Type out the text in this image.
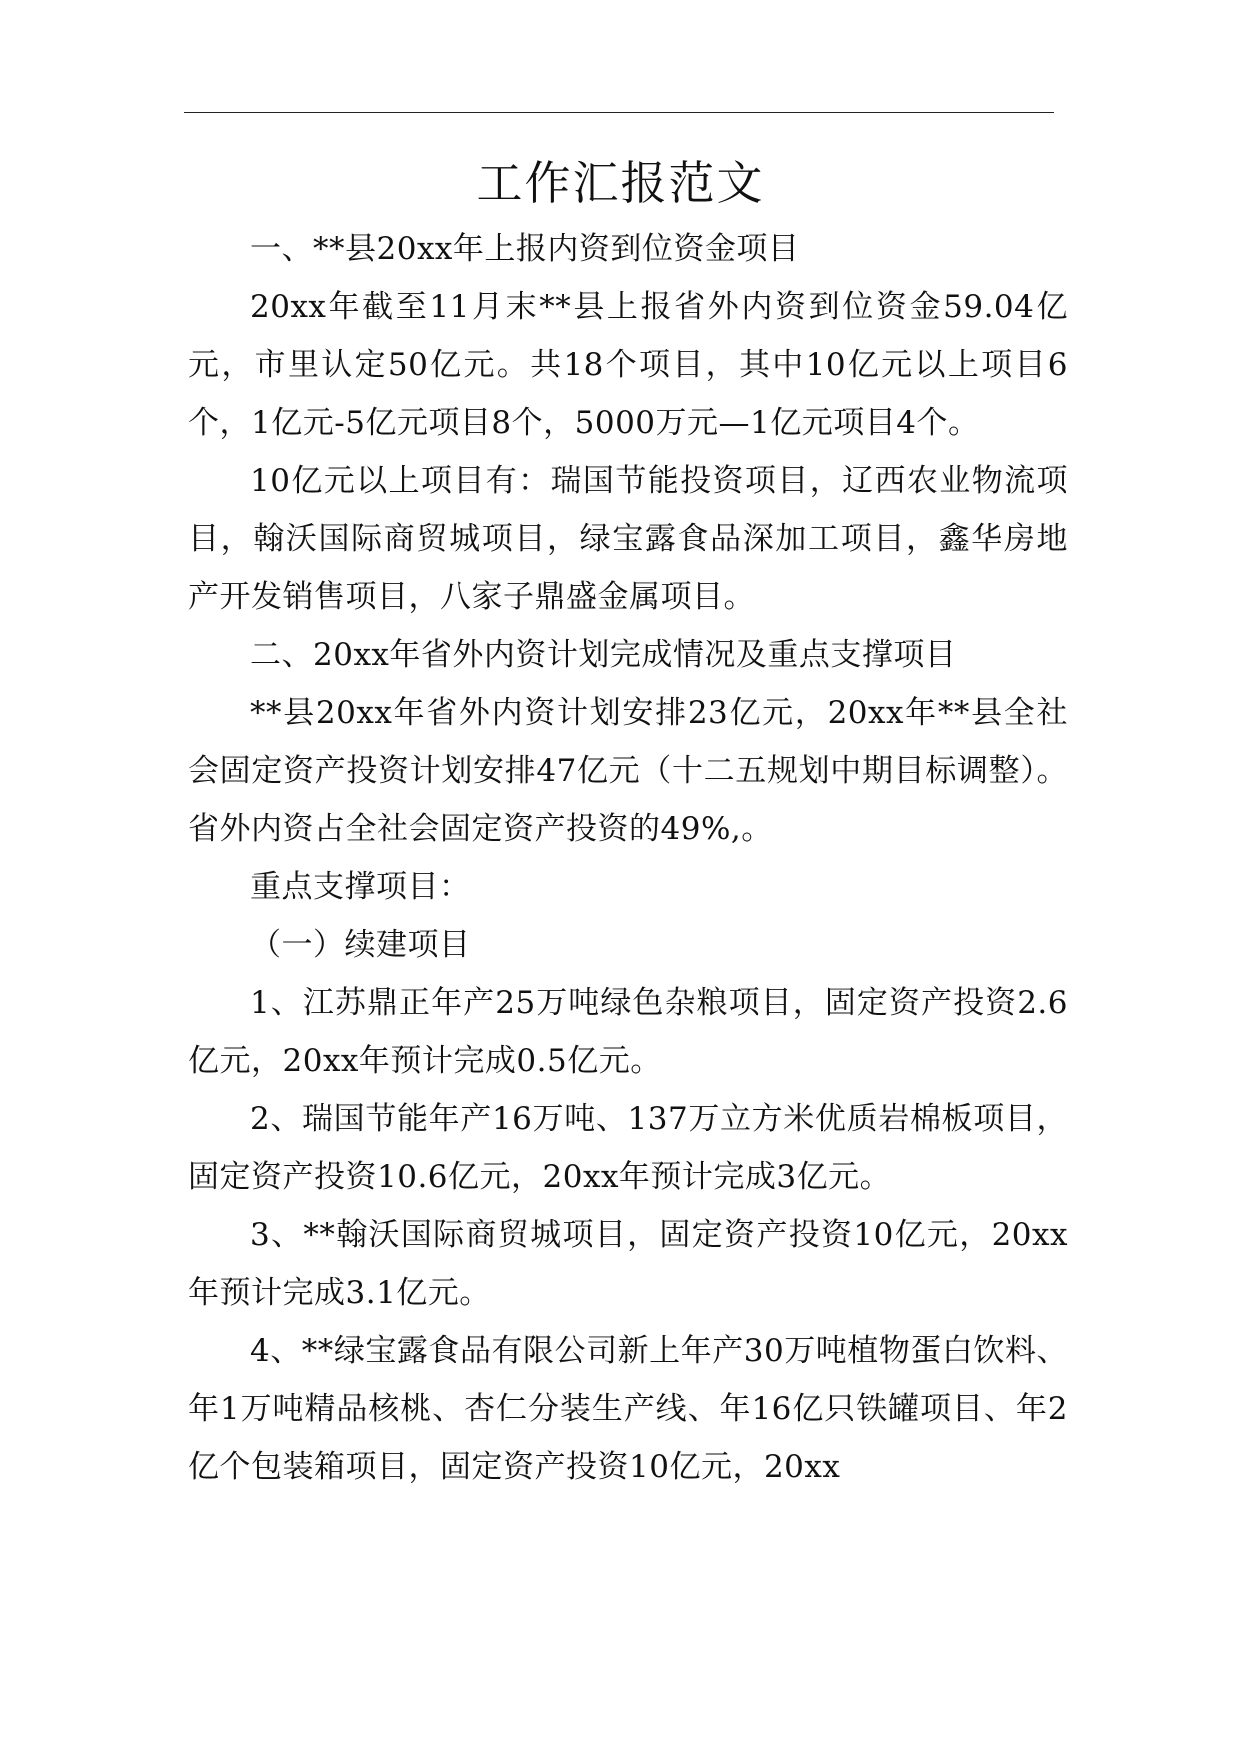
工作汇报范文

一、**县20xx年上报内资到位资金项目

20xx年截至11月末**县上报省外内资到位资金59.04亿元，市里认定50亿元。共18个项目，其中10亿元以上项目6个，1亿元-5亿元项目8个，5000万元—1亿元项目4个。

10亿元以上项目有：瑞国节能投资项目，辽西农业物流项目，翰沃国际商贸城项目，绿宝露食品深加工项目，鑫华房地产开发销售项目，八家子鼎盛金属项目。

二、20xx年省外内资计划完成情况及重点支撑项目

**县20xx年省外内资计划安排23亿元，20xx年**县全社会固定资产投资计划安排47亿元（十二五规划中期目标调整）。省外内资占全社会固定资产投资的49%,。

重点支撑项目：

（一）续建项目

1、江苏鼎正年产25万吨绿色杂粮项目，固定资产投资2.6亿元，20xx年预计完成0.5亿元。

2、瑞国节能年产16万吨、137万立方米优质岩棉板项目，固定资产投资10.6亿元，20xx年预计完成3亿元。

3、**翰沃国际商贸城项目，固定资产投资10亿元，20xx年预计完成3.1亿元。

4、**绿宝露食品有限公司新上年产30万吨植物蛋白饮料、年1万吨精品核桃、杏仁分装生产线、年16亿只铁罐项目、年2亿个包装箱项目，固定资产投资10亿元，20xx
